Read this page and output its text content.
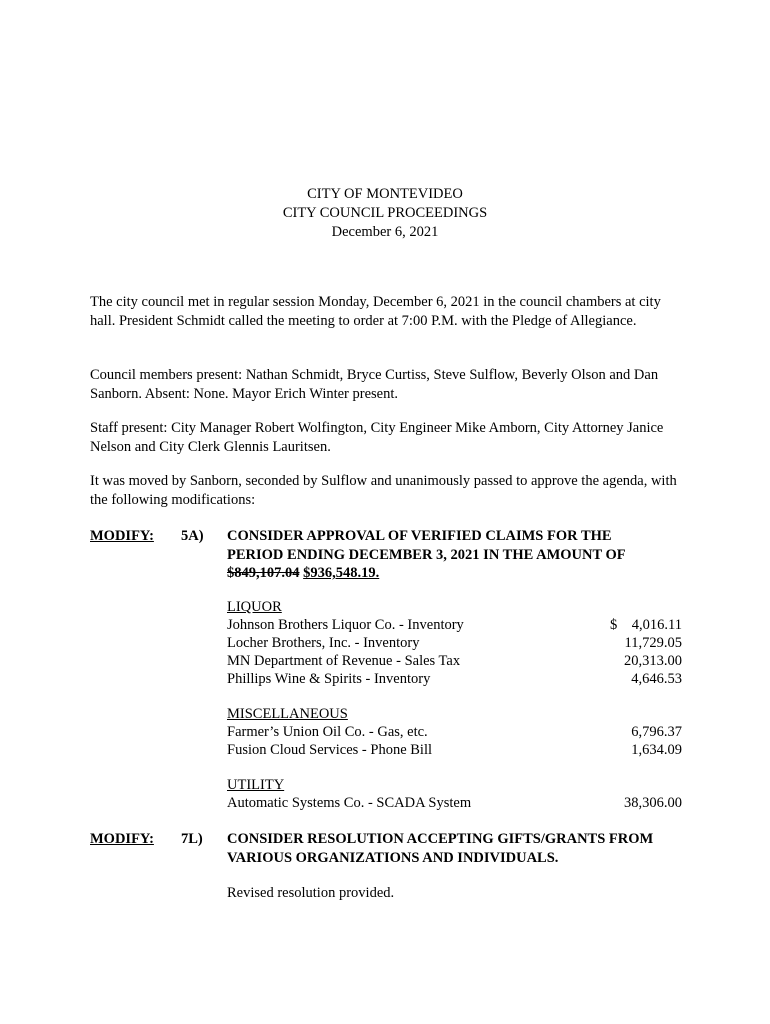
CITY OF MONTEVIDEO
CITY COUNCIL PROCEEDINGS
December 6, 2021
The city council met in regular session Monday, December 6, 2021 in the council chambers at city hall. President Schmidt called the meeting to order at 7:00 P.M. with the Pledge of Allegiance.
Council members present: Nathan Schmidt, Bryce Curtiss, Steve Sulflow, Beverly Olson and Dan Sanborn. Absent: None. Mayor Erich Winter present.
Staff present: City Manager Robert Wolfington, City Engineer Mike Amborn, City Attorney Janice Nelson and City Clerk Glennis Lauritsen.
It was moved by Sanborn, seconded by Sulflow and unanimously passed to approve the agenda, with the following modifications:
MODIFY: 5A) CONSIDER APPROVAL OF VERIFIED CLAIMS FOR THE
PERIOD ENDING DECEMBER 3, 2021 IN THE AMOUNT OF
$849,107.04 $936,548.19.
LIQUOR
Johnson Brothers Liquor Co. - Inventory	$    4,016.11
Locher Brothers, Inc. - Inventory	11,729.05
MN Department of Revenue - Sales Tax	20,313.00
Phillips Wine & Spirits - Inventory	4,646.53
MISCELLANEOUS
Farmer’s Union Oil Co. - Gas, etc.	6,796.37
Fusion Cloud Services - Phone Bill	1,634.09
UTILITY
Automatic Systems Co. - SCADA System	38,306.00
MODIFY: 7L) CONSIDER RESOLUTION ACCEPTING GIFTS/GRANTS FROM
VARIOUS ORGANIZATIONS AND INDIVIDUALS.
Revised resolution provided.
